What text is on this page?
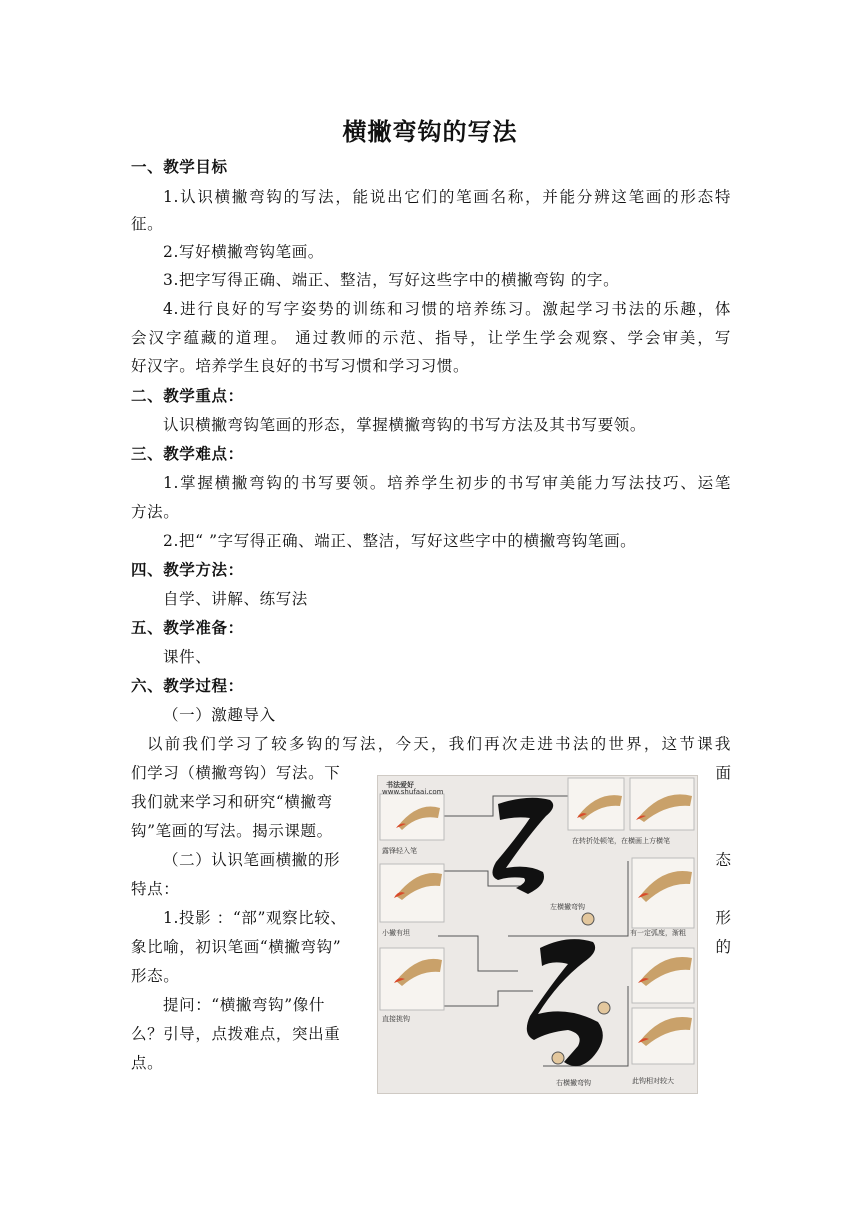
横撇弯钩的写法
一、教学目标
1.认识横撇弯钩的写法，能说出它们的笔画名称，并能分辨这笔画的形态特
征。
2.写好横撇弯钩笔画。
3.把字写得正确、端正、整洁，写好这些字中的横撇弯钩 的字。
4.进行良好的写字姿势的训练和习惯的培养练习。激起学习书法的乐趣，体
会汉字蕴藏的道理。 通过教师的示范、指导，让学生学会观察、学会审美，写
好汉字。培养学生良好的书写习惯和学习习惯。
二、教学重点：
认识横撇弯钩笔画的形态，掌握横撇弯钩的书写方法及其书写要领。
三、教学难点：
1.掌握横撇弯钩的书写要领。培养学生初步的书写审美能力写法技巧、运笔
方法。
2.把“ ”字写得正确、端正、整洁，写好这些字中的横撇弯钩笔画。
四、教学方法：
自学、讲解、练写法
五、教学准备：
课件、
六、教学过程：
（一）激趣导入
以前我们学习了较多钩的写法，今天，我们再次走进书法的世界，这节课我
们学习（横撇弯钩）写法。下	面
我们就来学习和研究“横撇弯
钩”笔画的写法。揭示课题。
（二）认识笔画横撇的形	态
特点：
1.投影 ：“部”观察比较、	形
象比喻，初识笔画“横撇弯钩”	的
形态。
提问：“横撇弯钩”像什
么？引导，点拨难点，突出重
点。
书法爱好
www.shufaai.com
露锋轻入笔
在转折处顿笔，在横画上方横笔
左横撇弯钩
小撇有坦	有一定弧度，渐粗
直接挑钩
右横撇弯钩	此钩相对较大
